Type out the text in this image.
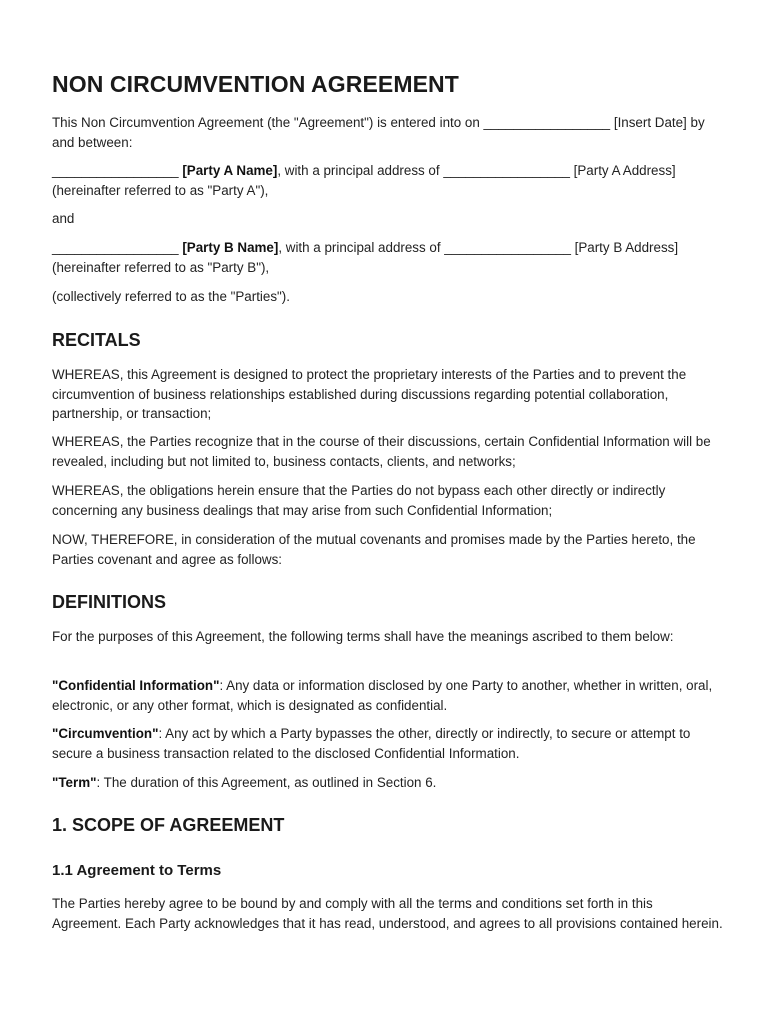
NON CIRCUMVENTION AGREEMENT

This Non Circumvention Agreement (the "Agreement") is entered into on _________________ [Insert Date] by and between:

_________________ [Party A Name], with a principal address of _________________ [Party A Address] (hereinafter referred to as "Party A"),

and

_________________ [Party B Name], with a principal address of _________________ [Party B Address] (hereinafter referred to as "Party B"),

(collectively referred to as the "Parties").

RECITALS

WHEREAS, this Agreement is designed to protect the proprietary interests of the Parties and to prevent the circumvention of business relationships established during discussions regarding potential collaboration, partnership, or transaction;

WHEREAS, the Parties recognize that in the course of their discussions, certain Confidential Information will be revealed, including but not limited to, business contacts, clients, and networks;

WHEREAS, the obligations herein ensure that the Parties do not bypass each other directly or indirectly concerning any business dealings that may arise from such Confidential Information;

NOW, THEREFORE, in consideration of the mutual covenants and promises made by the Parties hereto, the Parties covenant and agree as follows:

DEFINITIONS

For the purposes of this Agreement, the following terms shall have the meanings ascribed to them below:

"Confidential Information": Any data or information disclosed by one Party to another, whether in written, oral, electronic, or any other format, which is designated as confidential.

"Circumvention": Any act by which a Party bypasses the other, directly or indirectly, to secure or attempt to secure a business transaction related to the disclosed Confidential Information.

"Term": The duration of this Agreement, as outlined in Section 6.

1. SCOPE OF AGREEMENT
1.1 Agreement to Terms

The Parties hereby agree to be bound by and comply with all the terms and conditions set forth in this Agreement. Each Party acknowledges that it has read, understood, and agrees to all provisions contained herein.
